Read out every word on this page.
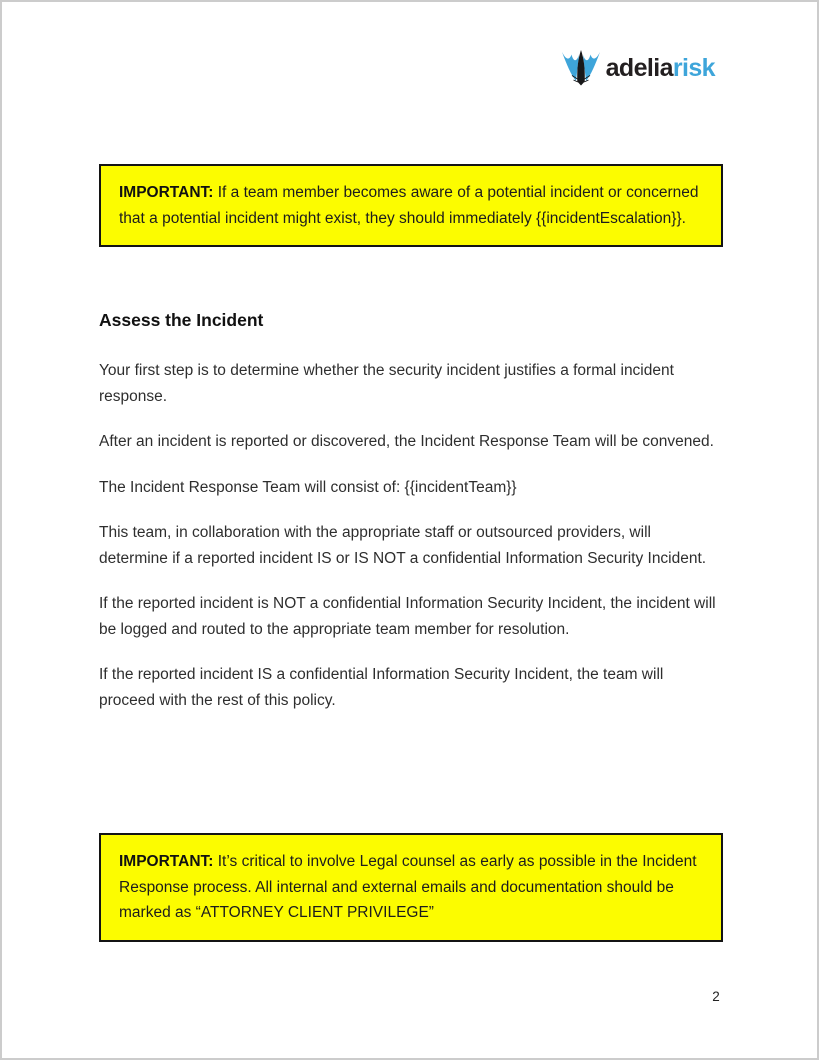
adeliarisk

IMPORTANT: If a team member becomes aware of a potential incident or concerned that a potential incident might exist, they should immediately {{incidentEscalation}}.

Assess the Incident

Your first step is to determine whether the security incident justifies a formal incident response.

After an incident is reported or discovered, the Incident Response Team will be convened.

The Incident Response Team will consist of: {{incidentTeam}}

This team, in collaboration with the appropriate staff or outsourced providers, will determine if a reported incident IS or IS NOT a confidential Information Security Incident.

If the reported incident is NOT a confidential Information Security Incident, the incident will be logged and routed to the appropriate team member for resolution.

If the reported incident IS a confidential Information Security Incident, the team will proceed with the rest of this policy.

IMPORTANT: It’s critical to involve Legal counsel as early as possible in the Incident Response process. All internal and external emails and documentation should be marked as “ATTORNEY CLIENT PRIVILEGE”

2
